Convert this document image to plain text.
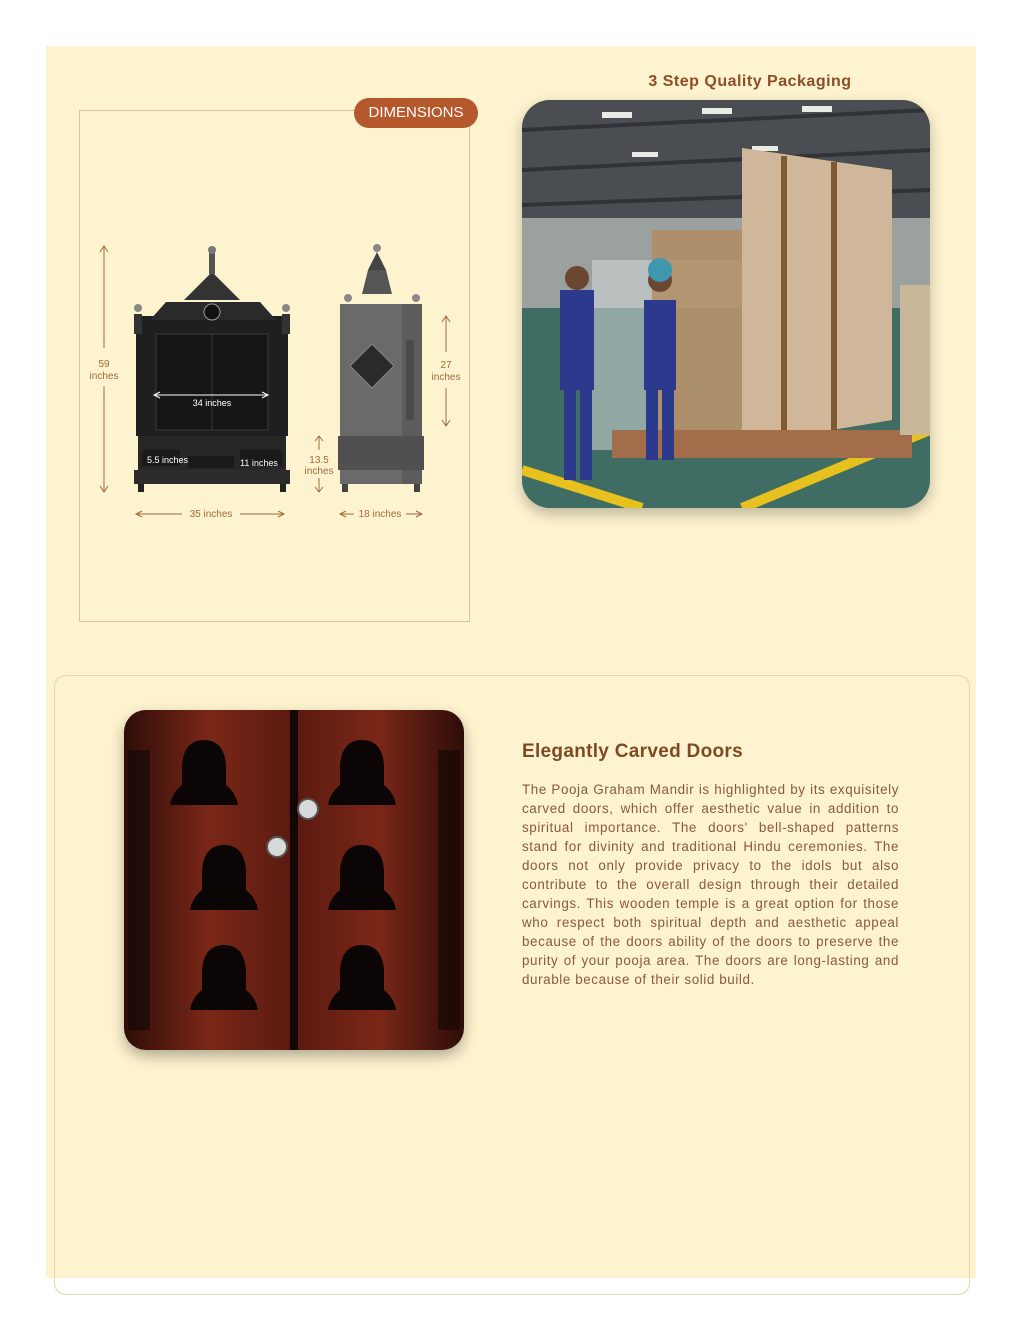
DIMENSIONS
59
inches
34 inches
5.5 inches	11 inches	13.5
inches
27
inches
35 inches	18 inches
3 Step Quality Packaging
Elegantly Carved Doors
The Pooja Graham Mandir is highlighted by its exquisitely carved doors, which offer aesthetic value in addition to spiritual importance. The doors' bell-shaped patterns stand for divinity and traditional Hindu ceremonies. The doors not only provide privacy to the idols but also contribute to the overall design through their detailed carvings. This wooden temple is a great option for those who respect both spiritual depth and aesthetic appeal because of the doors ability of the doors to preserve the purity of your pooja area. The doors are long-lasting and durable because of their solid build.
